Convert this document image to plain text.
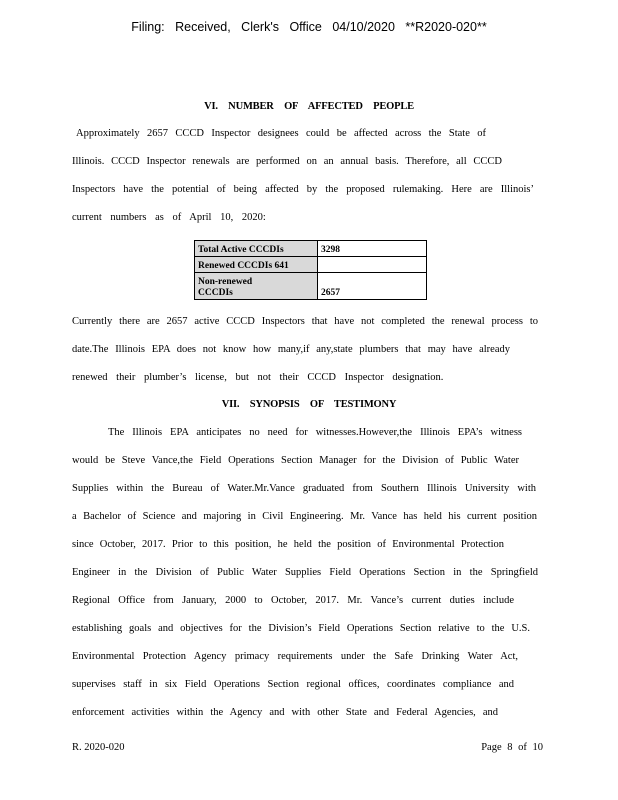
Filing: Received, Clerk's Office 04/10/2020 **R2020-020**
VI. NUMBER OF AFFECTED PEOPLE
Approximately 2657 CCCD Inspector designees could be affected across the State of
Illinois. CCCD Inspector renewals are performed on an annual basis. Therefore, all CCCD
Inspectors have the potential of being affected by the proposed rulemaking. Here are Illinois’
current numbers as of April 10, 2020:
Total Active CCCDIs	3298
Renewed CCCDIs 641	

Non-renewed
CCCDIs	2657
Currently there are 2657 active CCCD Inspectors that have not completed the renewal process to
date.The Illinois EPA does not know how many,if any,state plumbers that may have already
renewed their plumber’s license, but not their CCCD Inspector designation.
VII. SYNOPSIS OF TESTIMONY
The Illinois EPA anticipates no need for witnesses.However,the Illinois EPA’s witness
would be Steve Vance,the Field Operations Section Manager for the Division of Public Water
Supplies within the Bureau of Water.Mr.Vance graduated from Southern Illinois University with
a Bachelor of Science and majoring in Civil Engineering. Mr. Vance has held his current position
since October, 2017. Prior to this position, he held the position of Environmental Protection
Engineer in the Division of Public Water Supplies Field Operations Section in the Springfield
Regional Office from January, 2000 to October, 2017. Mr. Vance’s current duties include
establishing goals and objectives for the Division’s Field Operations Section relative to the U.S.
Environmental Protection Agency primacy requirements under the Safe Drinking Water Act,
supervises staff in six Field Operations Section regional offices, coordinates compliance and
enforcement activities within the Agency and with other State and Federal Agencies, and
R. 2020-020	Page 8 of 10
